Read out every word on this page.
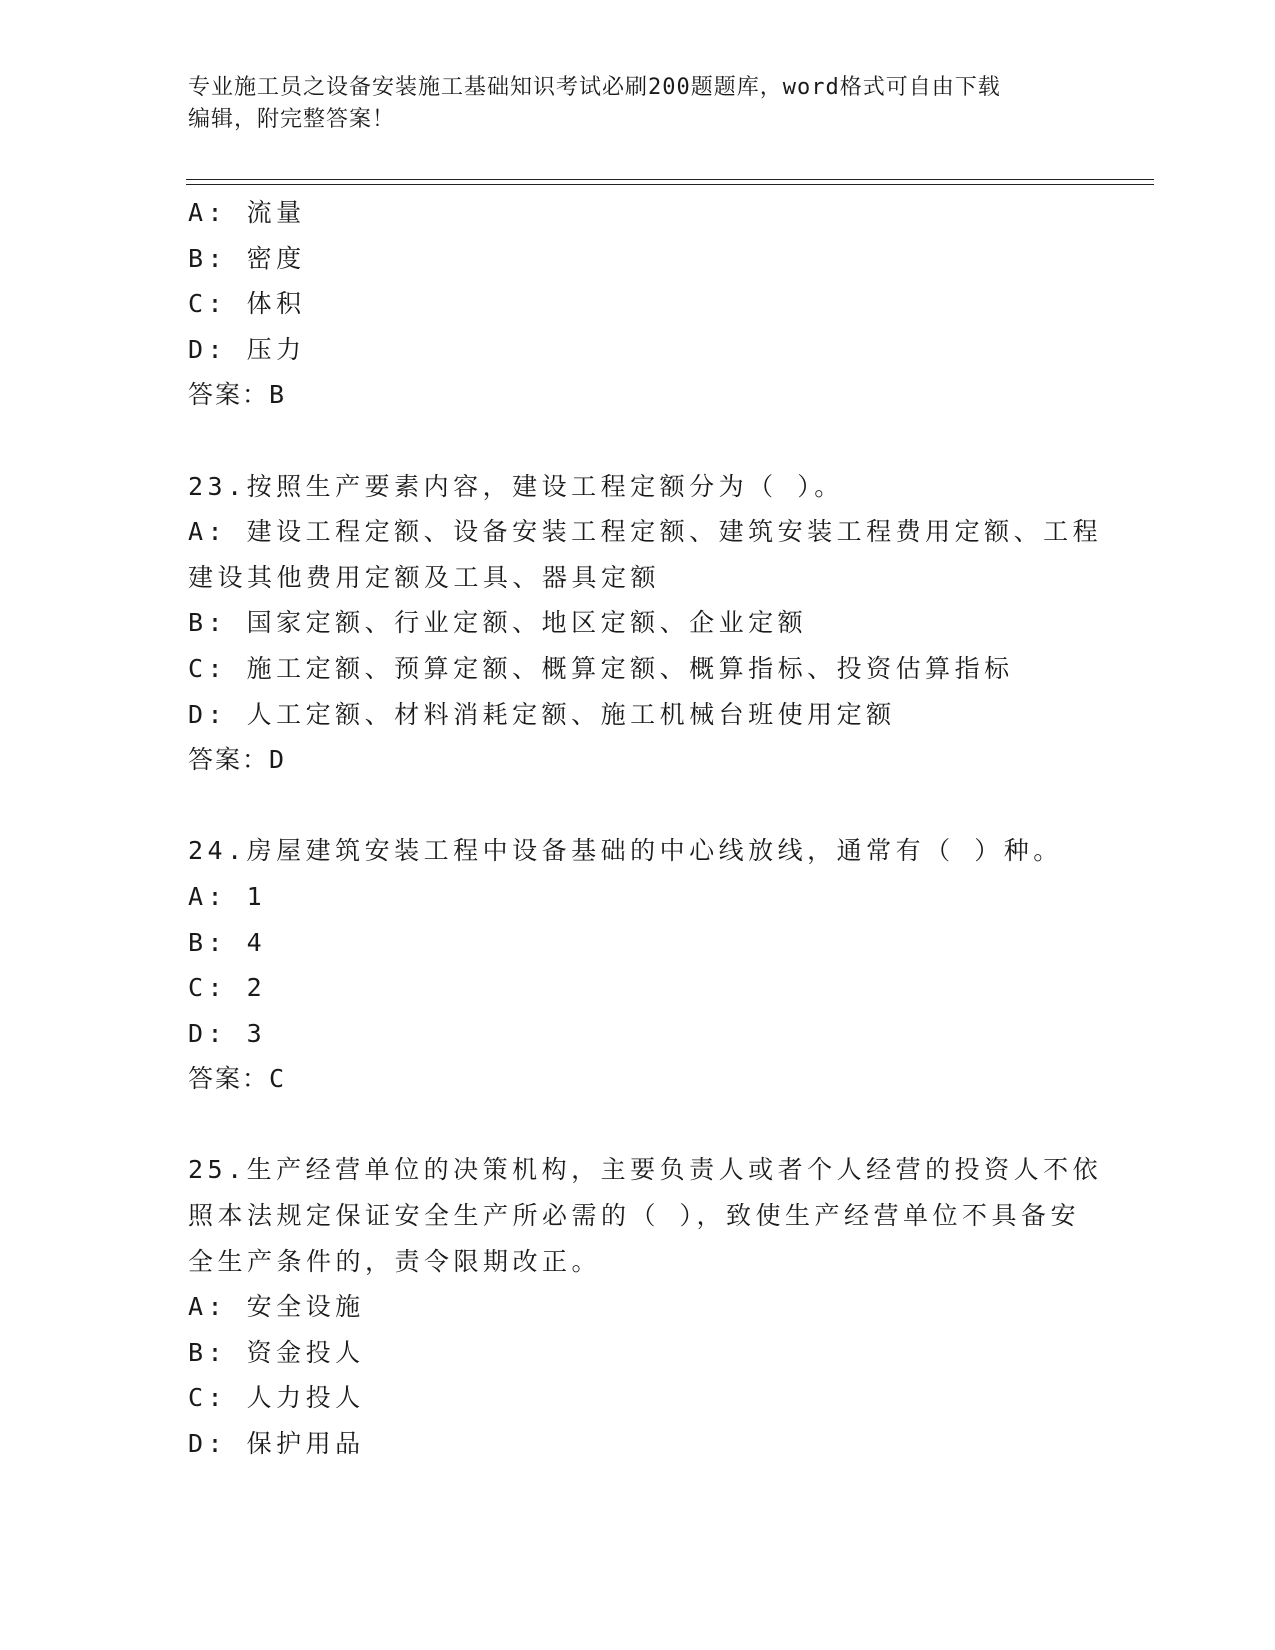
专业施工员之设备安装施工基础知识考试必刷200题题库，word格式可自由下载
编辑，附完整答案！
A: 流量
B: 密度
C: 体积
D: 压力
答案：B
23.按照生产要素内容，建设工程定额分为（ ）。
A: 建设工程定额、设备安装工程定额、建筑安装工程费用定额、工程
建设其他费用定额及工具、器具定额
B: 国家定额、行业定额、地区定额、企业定额
C: 施工定额、预算定额、概算定额、概算指标、投资估算指标
D: 人工定额、材料消耗定额、施工机械台班使用定额
答案：D
24.房屋建筑安装工程中设备基础的中心线放线，通常有（ ）种。
A: 1
B: 4
C: 2
D: 3
答案：C
25.生产经营单位的决策机构，主要负责人或者个人经营的投资人不依
照本法规定保证安全生产所必需的（ ），致使生产经营单位不具备安
全生产条件的，责令限期改正。
A: 安全设施
B: 资金投人
C: 人力投人
D: 保护用品
